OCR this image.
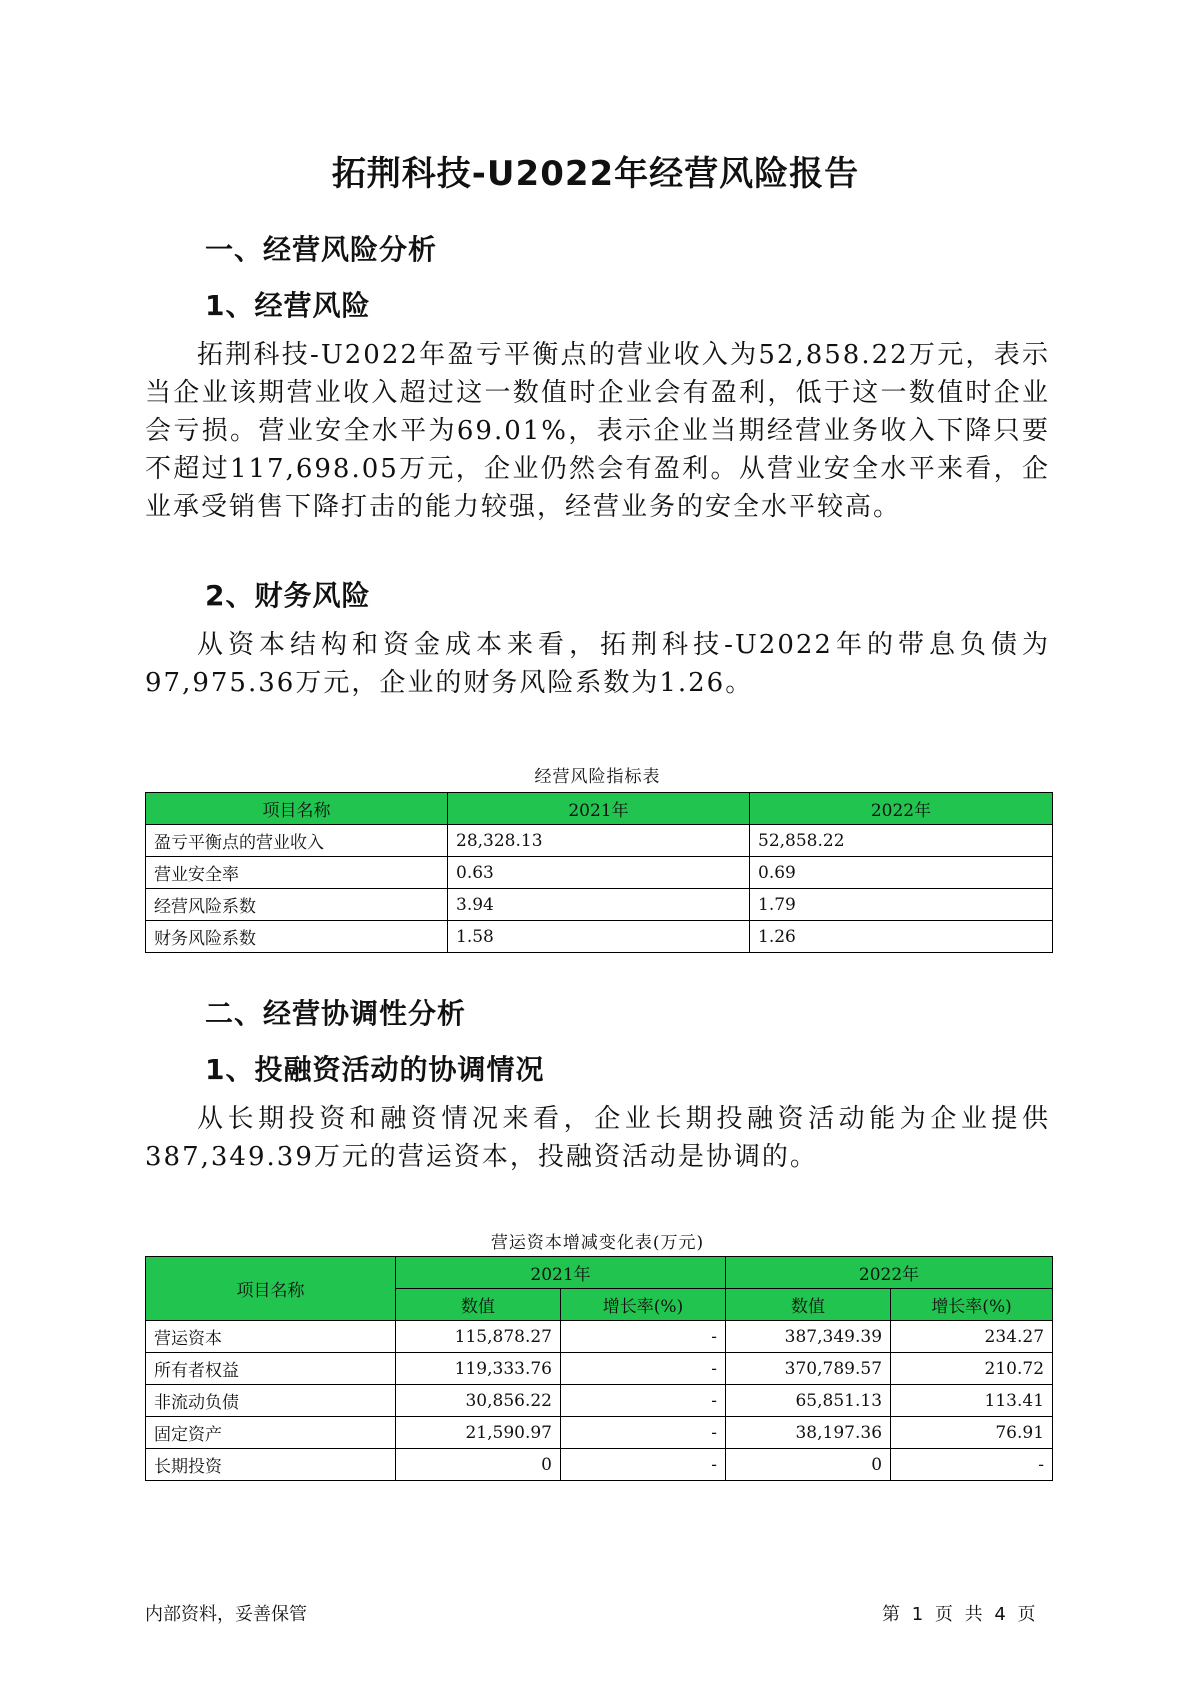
拓荆科技-U2022年经营风险报告
一、经营风险分析
1、经营风险

拓荆科技-U2022年盈亏平衡点的营业收入为52,858.22万元，表示当企业该期营业收入超过这一数值时企业会有盈利，低于这一数值时企业会亏损。营业安全水平为69.01%，表示企业当期经营业务收入下降只要不超过117,698.05万元，企业仍然会有盈利。从营业安全水平来看，企业承受销售下降打击的能力较强，经营业务的安全水平较高。

2、财务风险

从资本结构和资金成本来看，拓荆科技-U2022年的带息负债为97,975.36万元，企业的财务风险系数为1.26。

经营风险指标表
项目名称	2021年	2022年
盈亏平衡点的营业收入	28,328.13	52,858.22
营业安全率	0.63	0.69
经营风险系数	3.94	1.79
财务风险系数	1.58	1.26
二、经营协调性分析
1、投融资活动的协调情况

从长期投资和融资情况来看，企业长期投融资活动能为企业提供387,349.39万元的营运资本，投融资活动是协调的。

营运资本增减变化表(万元)
项目名称	2021年		2022年	
	数值	增长率(%)	数值	增长率(%)
营运资本	115,878.27	-	387,349.39	234.27
所有者权益	119,333.76	-	370,789.57	210.72
非流动负债	30,856.22	-	65,851.13	113.41
固定资产	21,590.97	-	38,197.36	76.91
长期投资	0	-	0	-
内部资料，妥善保管	第 1 页 共 4 页
